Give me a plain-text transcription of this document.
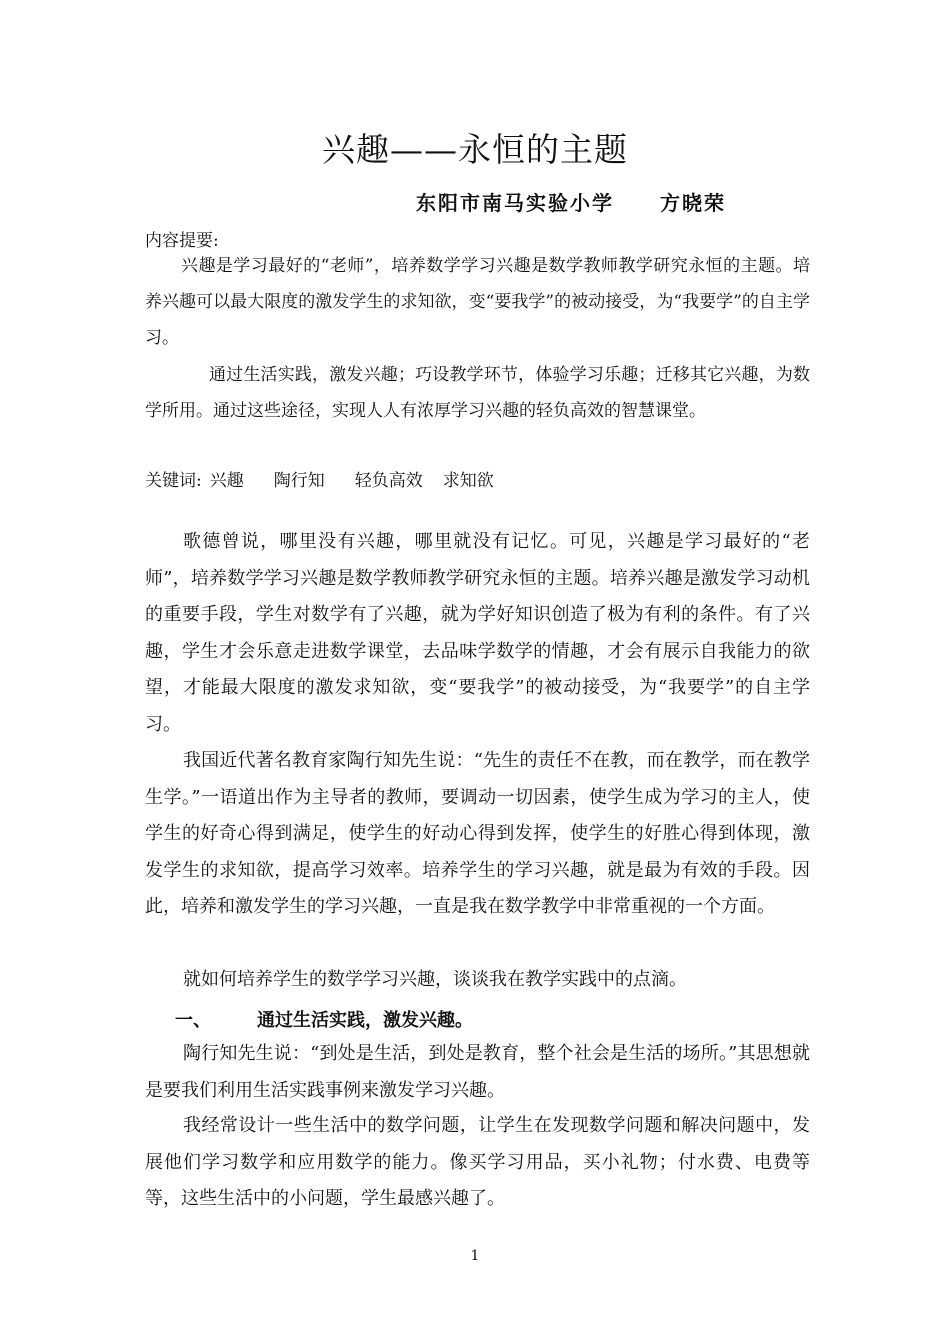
兴趣——永恒的主题
东阳市南马实验小学 方晓荣
内容提要:

兴趣是学习最好的“老师”，培养数学学习兴趣是数学教师教学研究永恒的主题。培养兴趣可以最大限度的激发学生的求知欲，变“要我学”的被动接受，为“我要学”的自主学习。

通过生活实践，激发兴趣；巧设教学环节，体验学习乐趣；迁移其它兴趣，为数学所用。通过这些途径，实现人人有浓厚学习兴趣的轻负高效的智慧课堂。

关键词: 兴趣 陶行知 轻负高效 求知欲

歌德曾说，哪里没有兴趣，哪里就没有记忆。可见，兴趣是学习最好的“老师”，培养数学学习兴趣是数学教师教学研究永恒的主题。培养兴趣是激发学习动机的重要手段，学生对数学有了兴趣，就为学好知识创造了极为有利的条件。有了兴趣，学生才会乐意走进数学课堂，去品味学数学的情趣，才会有展示自我能力的欲望，才能最大限度的激发求知欲，变“要我学”的被动接受，为“我要学”的自主学习。

我国近代著名教育家陶行知先生说：“先生的责任不在教，而在教学，而在教学生学。”一语道出作为主导者的教师，要调动一切因素，使学生成为学习的主人，使学生的好奇心得到满足，使学生的好动心得到发挥，使学生的好胜心得到体现，激发学生的求知欲，提高学习效率。培养学生的学习兴趣，就是最为有效的手段。因此，培养和激发学生的学习兴趣，一直是我在数学教学中非常重视的一个方面。

就如何培养学生的数学学习兴趣，谈谈我在教学实践中的点滴。

一、	通过生活实践，激发兴趣。

陶行知先生说：“到处是生活，到处是教育，整个社会是生活的场所。”其思想就是要我们利用生活实践事例来激发学习兴趣。

我经常设计一些生活中的数学问题，让学生在发现数学问题和解决问题中，发展他们学习数学和应用数学的能力。像买学习用品，买小礼物；付水费、电费等等，这些生活中的小问题，学生最感兴趣了。

1
